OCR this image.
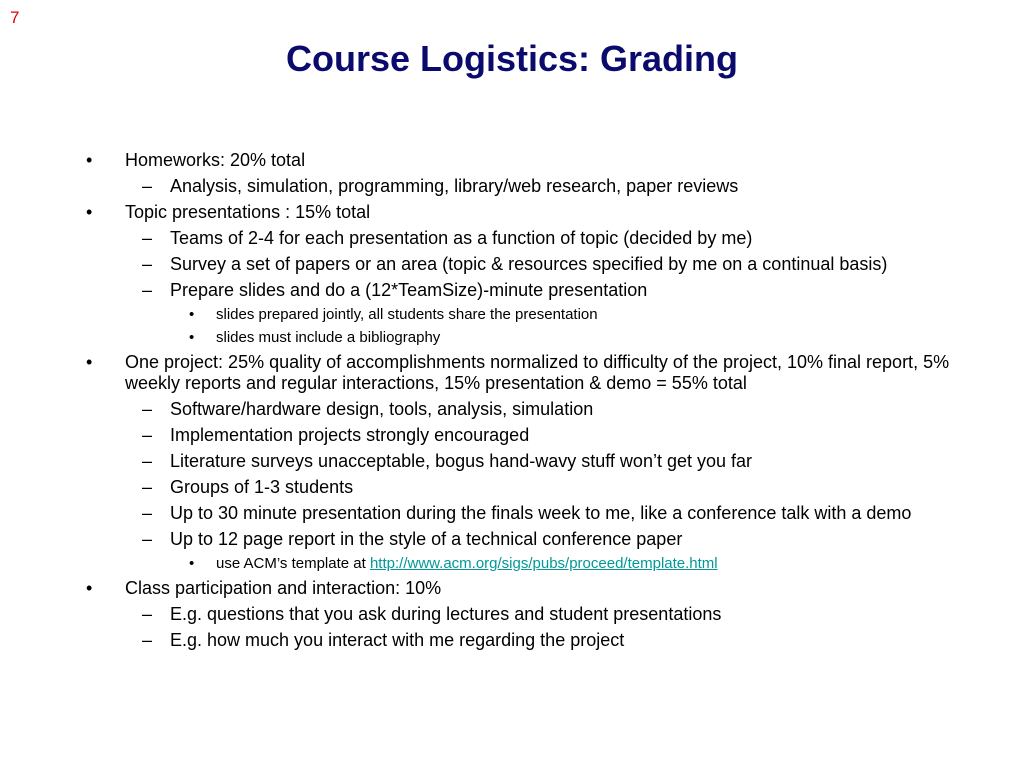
7
Course Logistics: Grading
• Homeworks: 20% total
– Analysis, simulation, programming, library/web research, paper reviews
• Topic presentations : 15% total
– Teams of 2-4 for each presentation as a function of topic (decided by me)
– Survey a set of papers or an area (topic & resources specified by me on a continual basis)
– Prepare slides and do a (12*TeamSize)-minute presentation
• slides prepared jointly, all students share the presentation
• slides must include a bibliography
• One project: 25% quality of accomplishments normalized to difficulty of the project, 10% final report, 5% weekly reports and regular interactions, 15% presentation & demo = 55% total
– Software/hardware design, tools, analysis, simulation
– Implementation projects strongly encouraged
– Literature surveys unacceptable, bogus hand-wavy stuff won’t get you far
– Groups of 1-3 students
– Up to 30 minute presentation during the finals week to me, like a conference talk with a demo
– Up to 12 page report in the style of a technical conference paper
• use ACM’s template at http://www.acm.org/sigs/pubs/proceed/template.html
• Class participation and interaction: 10%
– E.g. questions that you ask during lectures and student presentations
– E.g. how much you interact with me regarding the project
